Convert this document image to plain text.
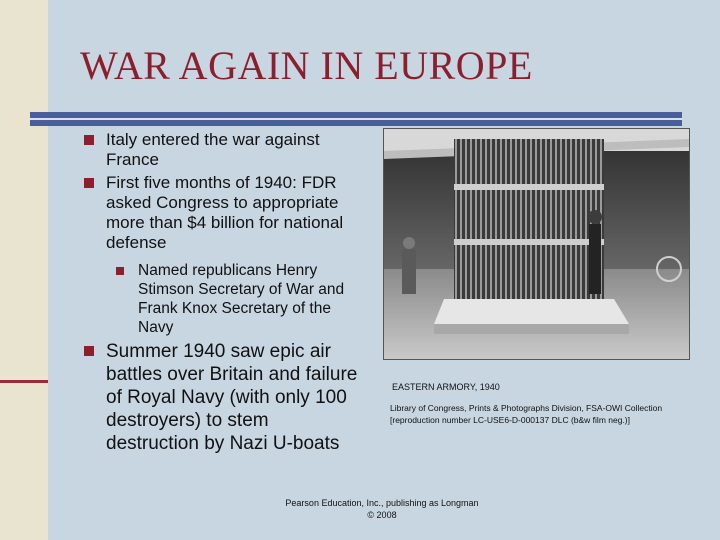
WAR AGAIN IN EUROPE
Italy entered the war against France
First five months of 1940: FDR asked Congress to appropriate more than $4 billion for national defense
Named republicans Henry Stimson Secretary of War and Frank Knox Secretary of the Navy
Summer 1940 saw epic air battles over Britain and failure of Royal Navy (with only 100 destroyers) to stem destruction by Nazi U-boats
EASTERN ARMORY, 1940
Library of Congress, Prints & Photographs Division, FSA-OWI Collection [reproduction number LC-USE6-D-000137 DLC (b&w film neg.)]
Pearson Education, Inc., publishing as Longman
© 2008
